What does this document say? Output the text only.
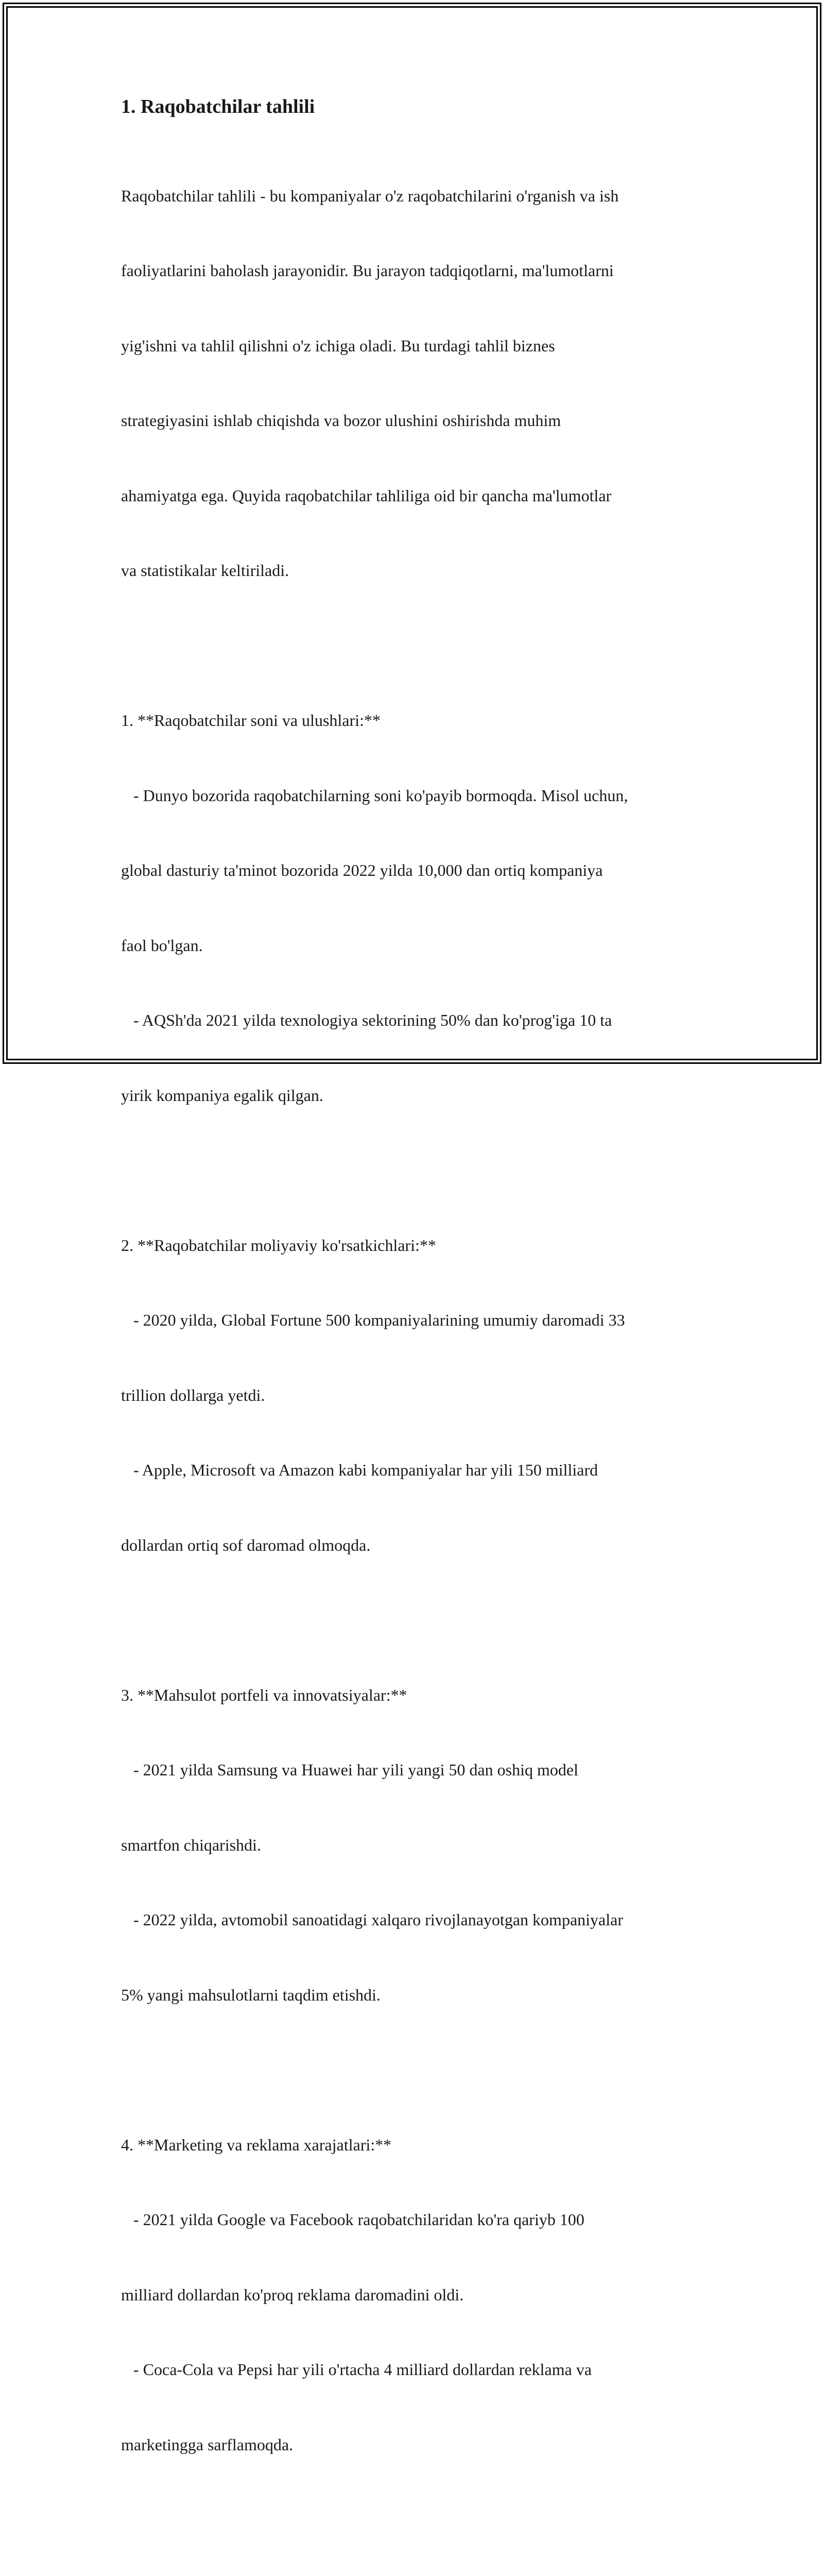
1. Raqobatchilar tahlili

Raqobatchilar tahlili - bu kompaniyalar o'z raqobatchilarini o'rganish va ish

faoliyatlarini baholash jarayonidir. Bu jarayon tadqiqotlarni, ma'lumotlarni

yig'ishni va tahlil qilishni o'z ichiga oladi. Bu turdagi tahlil biznes

strategiyasini ishlab chiqishda va bozor ulushini oshirishda muhim

ahamiyatga ega. Quyida raqobatchilar tahliliga oid bir qancha ma'lumotlar

va statistikalar keltiriladi.

1. **Raqobatchilar soni va ulushlari:**

- Dunyo bozorida raqobatchilarning soni ko'payib bormoqda. Misol uchun,

global dasturiy ta'minot bozorida 2022 yilda 10,000 dan ortiq kompaniya

faol bo'lgan.

- AQSh'da 2021 yilda texnologiya sektorining 50% dan ko'prog'iga 10 ta

yirik kompaniya egalik qilgan.

2. **Raqobatchilar moliyaviy ko'rsatkichlari:**

- 2020 yilda, Global Fortune 500 kompaniyalarining umumiy daromadi 33

trillion dollarga yetdi.

- Apple, Microsoft va Amazon kabi kompaniyalar har yili 150 milliard

dollardan ortiq sof daromad olmoqda.

3. **Mahsulot portfeli va innovatsiyalar:**

- 2021 yilda Samsung va Huawei har yili yangi 50 dan oshiq model

smartfon chiqarishdi.

- 2022 yilda, avtomobil sanoatidagi xalqaro rivojlanayotgan kompaniyalar

5% yangi mahsulotlarni taqdim etishdi.

4. **Marketing va reklama xarajatlari:**

- 2021 yilda Google va Facebook raqobatchilaridan ko'ra qariyb 100

milliard dollardan ko'proq reklama daromadini oldi.

- Coca-Cola va Pepsi har yili o'rtacha 4 milliard dollardan reklama va

marketingga sarflamoqda.
